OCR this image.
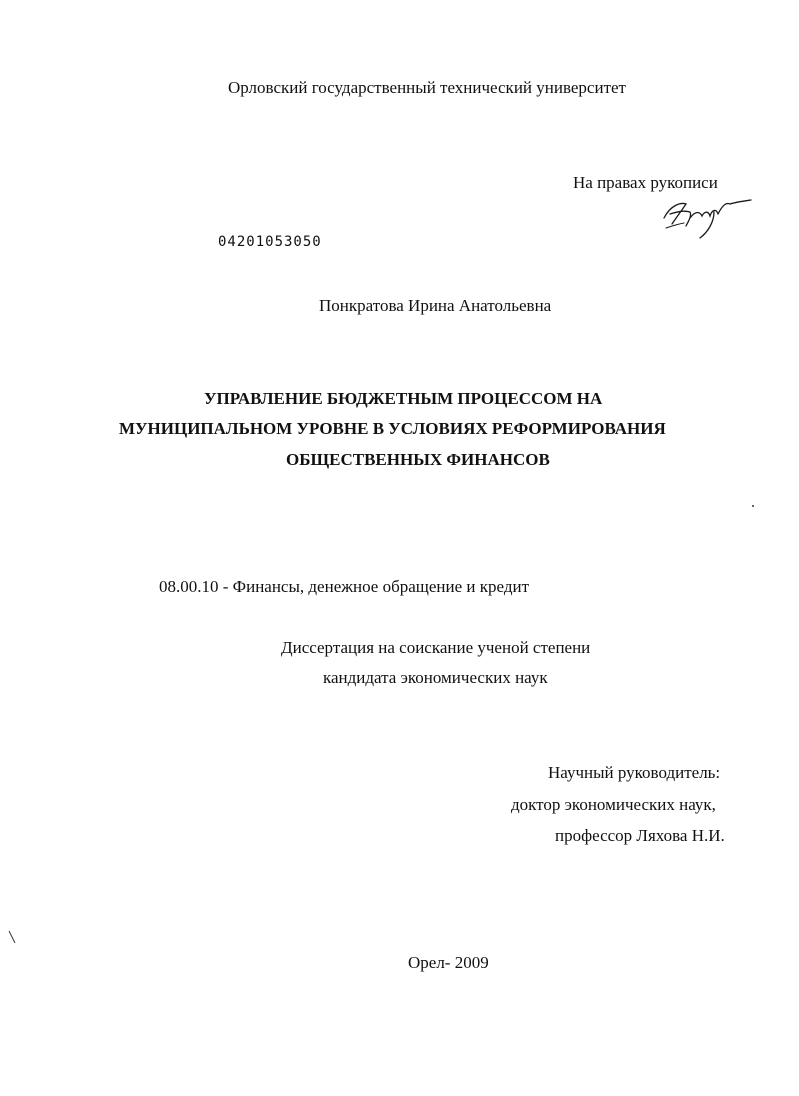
Орловский государственный технический университет
На правах рукописи
04201053050
Понкратова Ирина Анатольевна
УПРАВЛЕНИЕ БЮДЖЕТНЫМ ПРОЦЕССОМ НА
МУНИЦИПАЛЬНОМ УРОВНЕ В УСЛОВИЯХ РЕФОРМИРОВАНИЯ
ОБЩЕСТВЕННЫХ ФИНАНСОВ
08.00.10 - Финансы, денежное обращение и кредит
Диссертация на соискание ученой степени
кандидата экономических наук
Научный руководитель:
доктор экономических наук,
профессор Ляхова Н.И.
Орел- 2009
